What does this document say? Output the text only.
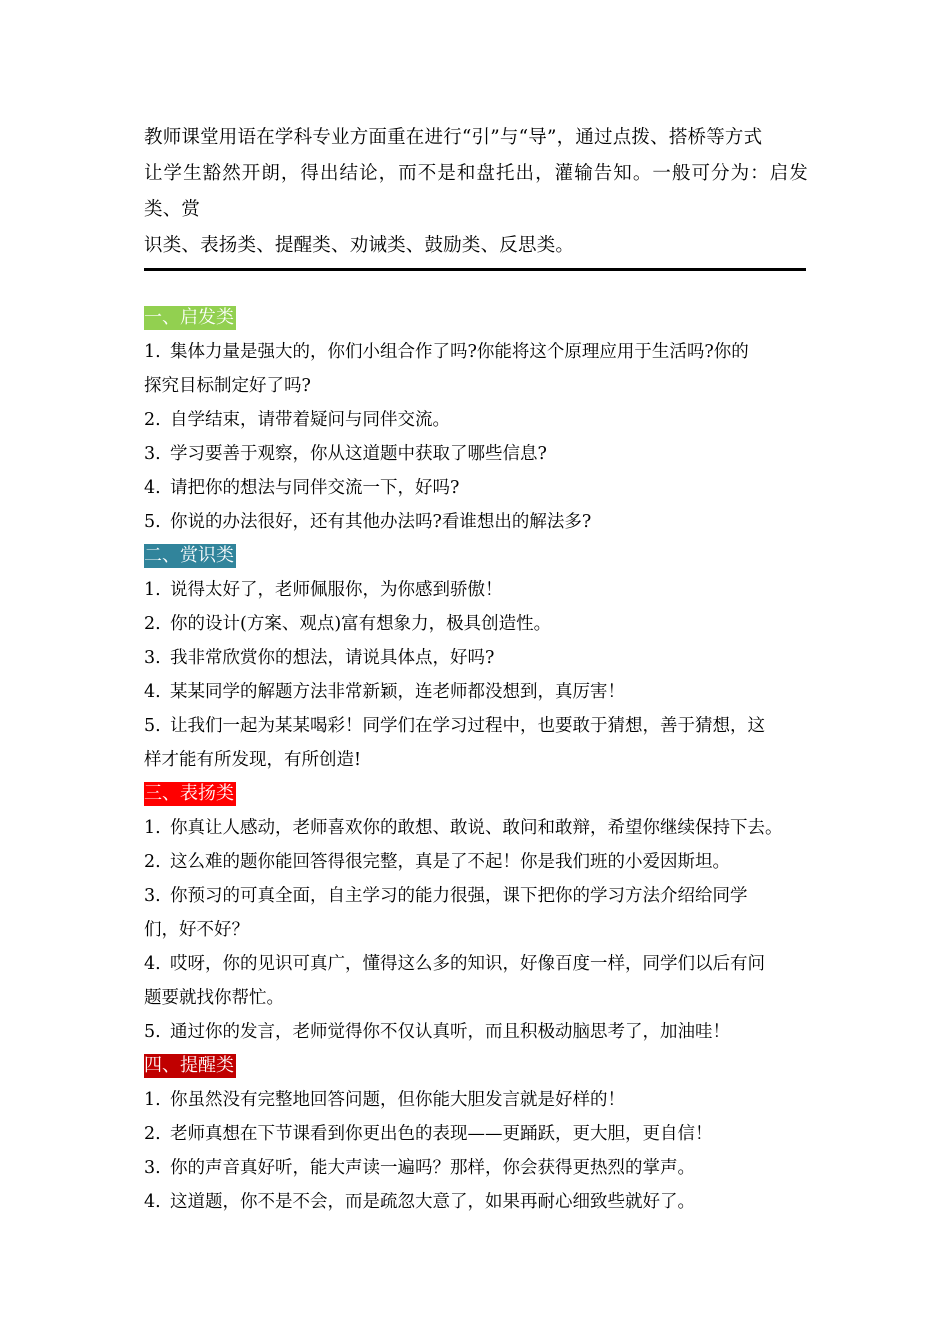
教师课堂用语在学科专业方面重在进行“引”与“导”，通过点拨、搭桥等方式

让学生豁然开朗，得出结论，而不是和盘托出，灌输告知。一般可分为：启发类、赏

识类、表扬类、提醒类、劝诫类、鼓励类、反思类。

一、启发类

1. 集体力量是强大的，你们小组合作了吗?你能将这个原理应用于生活吗?你的

探究目标制定好了吗?

2. 自学结束，请带着疑问与同伴交流。

3. 学习要善于观察，你从这道题中获取了哪些信息?

4. 请把你的想法与同伴交流一下，好吗?

5. 你说的办法很好，还有其他办法吗?看谁想出的解法多?

二、赏识类

1. 说得太好了，老师佩服你，为你感到骄傲！

2. 你的设计(方案、观点)富有想象力，极具创造性。

3. 我非常欣赏你的想法，请说具体点，好吗?

4. 某某同学的解题方法非常新颖，连老师都没想到，真厉害！

5. 让我们一起为某某喝彩！同学们在学习过程中，也要敢于猜想，善于猜想，这

样才能有所发现，有所创造!

三、表扬类

1. 你真让人感动，老师喜欢你的敢想、敢说、敢问和敢辩，希望你继续保持下去。

2. 这么难的题你能回答得很完整，真是了不起！你是我们班的小爱因斯坦。

3. 你预习的可真全面，自主学习的能力很强，课下把你的学习方法介绍给同学

们，好不好？

4. 哎呀，你的见识可真广，懂得这么多的知识，好像百度一样，同学们以后有问

题要就找你帮忙。

5. 通过你的发言，老师觉得你不仅认真听，而且积极动脑思考了，加油哇！

四、提醒类

1. 你虽然没有完整地回答问题，但你能大胆发言就是好样的！

2. 老师真想在下节课看到你更出色的表现——更踊跃，更大胆，更自信！

3. 你的声音真好听，能大声读一遍吗？那样，你会获得更热烈的掌声。

4. 这道题，你不是不会，而是疏忽大意了，如果再耐心细致些就好了。
